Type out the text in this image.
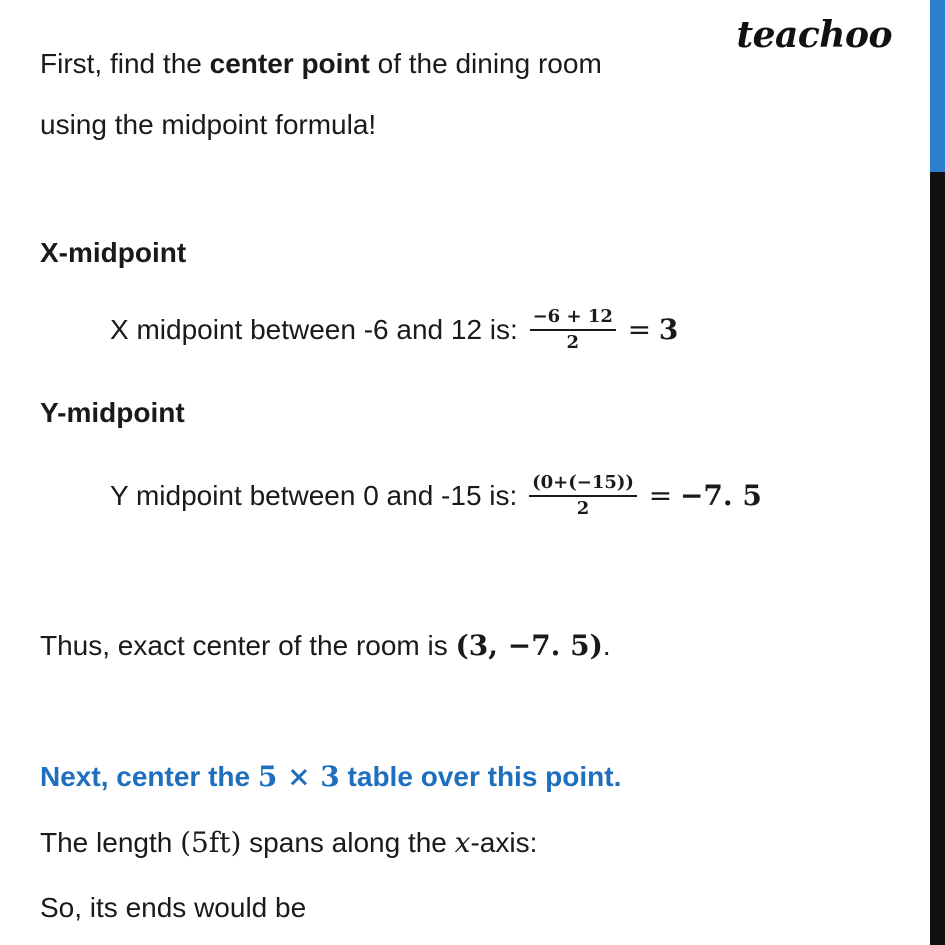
teachoo
First, find the center point of the dining room
using the midpoint formula!
X-midpoint
X midpoint between -6 and 12 is: $\frac{-6 + 12}{2} = 3$
Y-midpoint
Y midpoint between 0 and -15 is: $\frac{(0+(-15))}{2} = -7$. 5
Thus, exact center of the room is (𝟑, −𝟕. 𝟓).
Next, center the 5 × 3 table over this point.
The length (5ft) spans along the x-axis:
So, its ends would be
